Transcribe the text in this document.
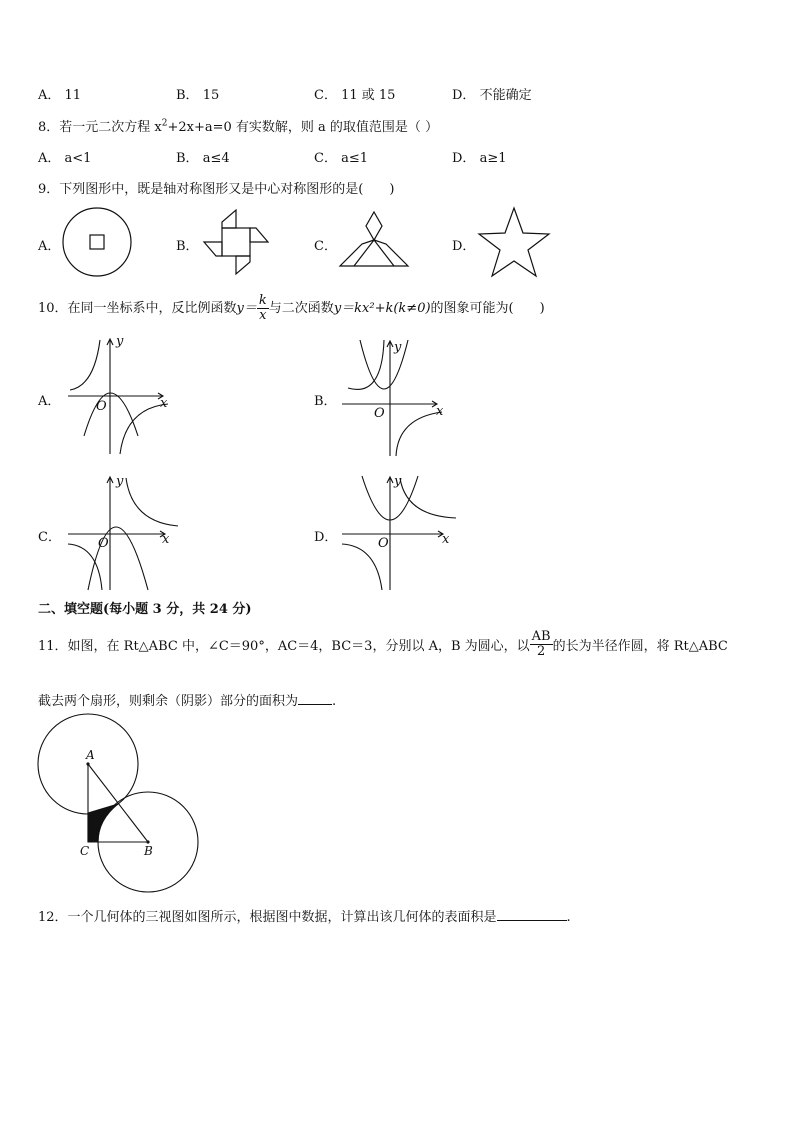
A． 11	B． 15	C． 11 或 15	D． 不能确定
8．若一元二次方程 $x^2+2x+a=0$ 有实数解，则 a 的取值范围是（ ）
A． a<1	B． a≤4	C． a≤1	D． a≥1
9．下列图形中，既是轴对称图形又是中心对称图形的是(　　)
A．	B．	C．	D．
10．在同一坐标系中，反比例函数$y= \frac{k}{x}$ 与二次函数y＝kx²+k(k≠0)的图象可能为(　　)
A．	B．
C．	D．
y
x
O
y
x
O
y
x
O
y
x
O
二、填空题(每小题 3 分，共 24 分)
11．如图，在 Rt△ABC 中，∠C＝90°，AC＝4，BC＝3，分别以 A，B 为圆心，以 $\frac{AB}{2}$ 的长为半径作圆，将 Rt△ABC
截去两个扇形，则剩余（阴影）部分的面积为	.
A
B
C
12．一个几何体的三视图如图所示，根据图中数据，计算出该几何体的表面积是	.
